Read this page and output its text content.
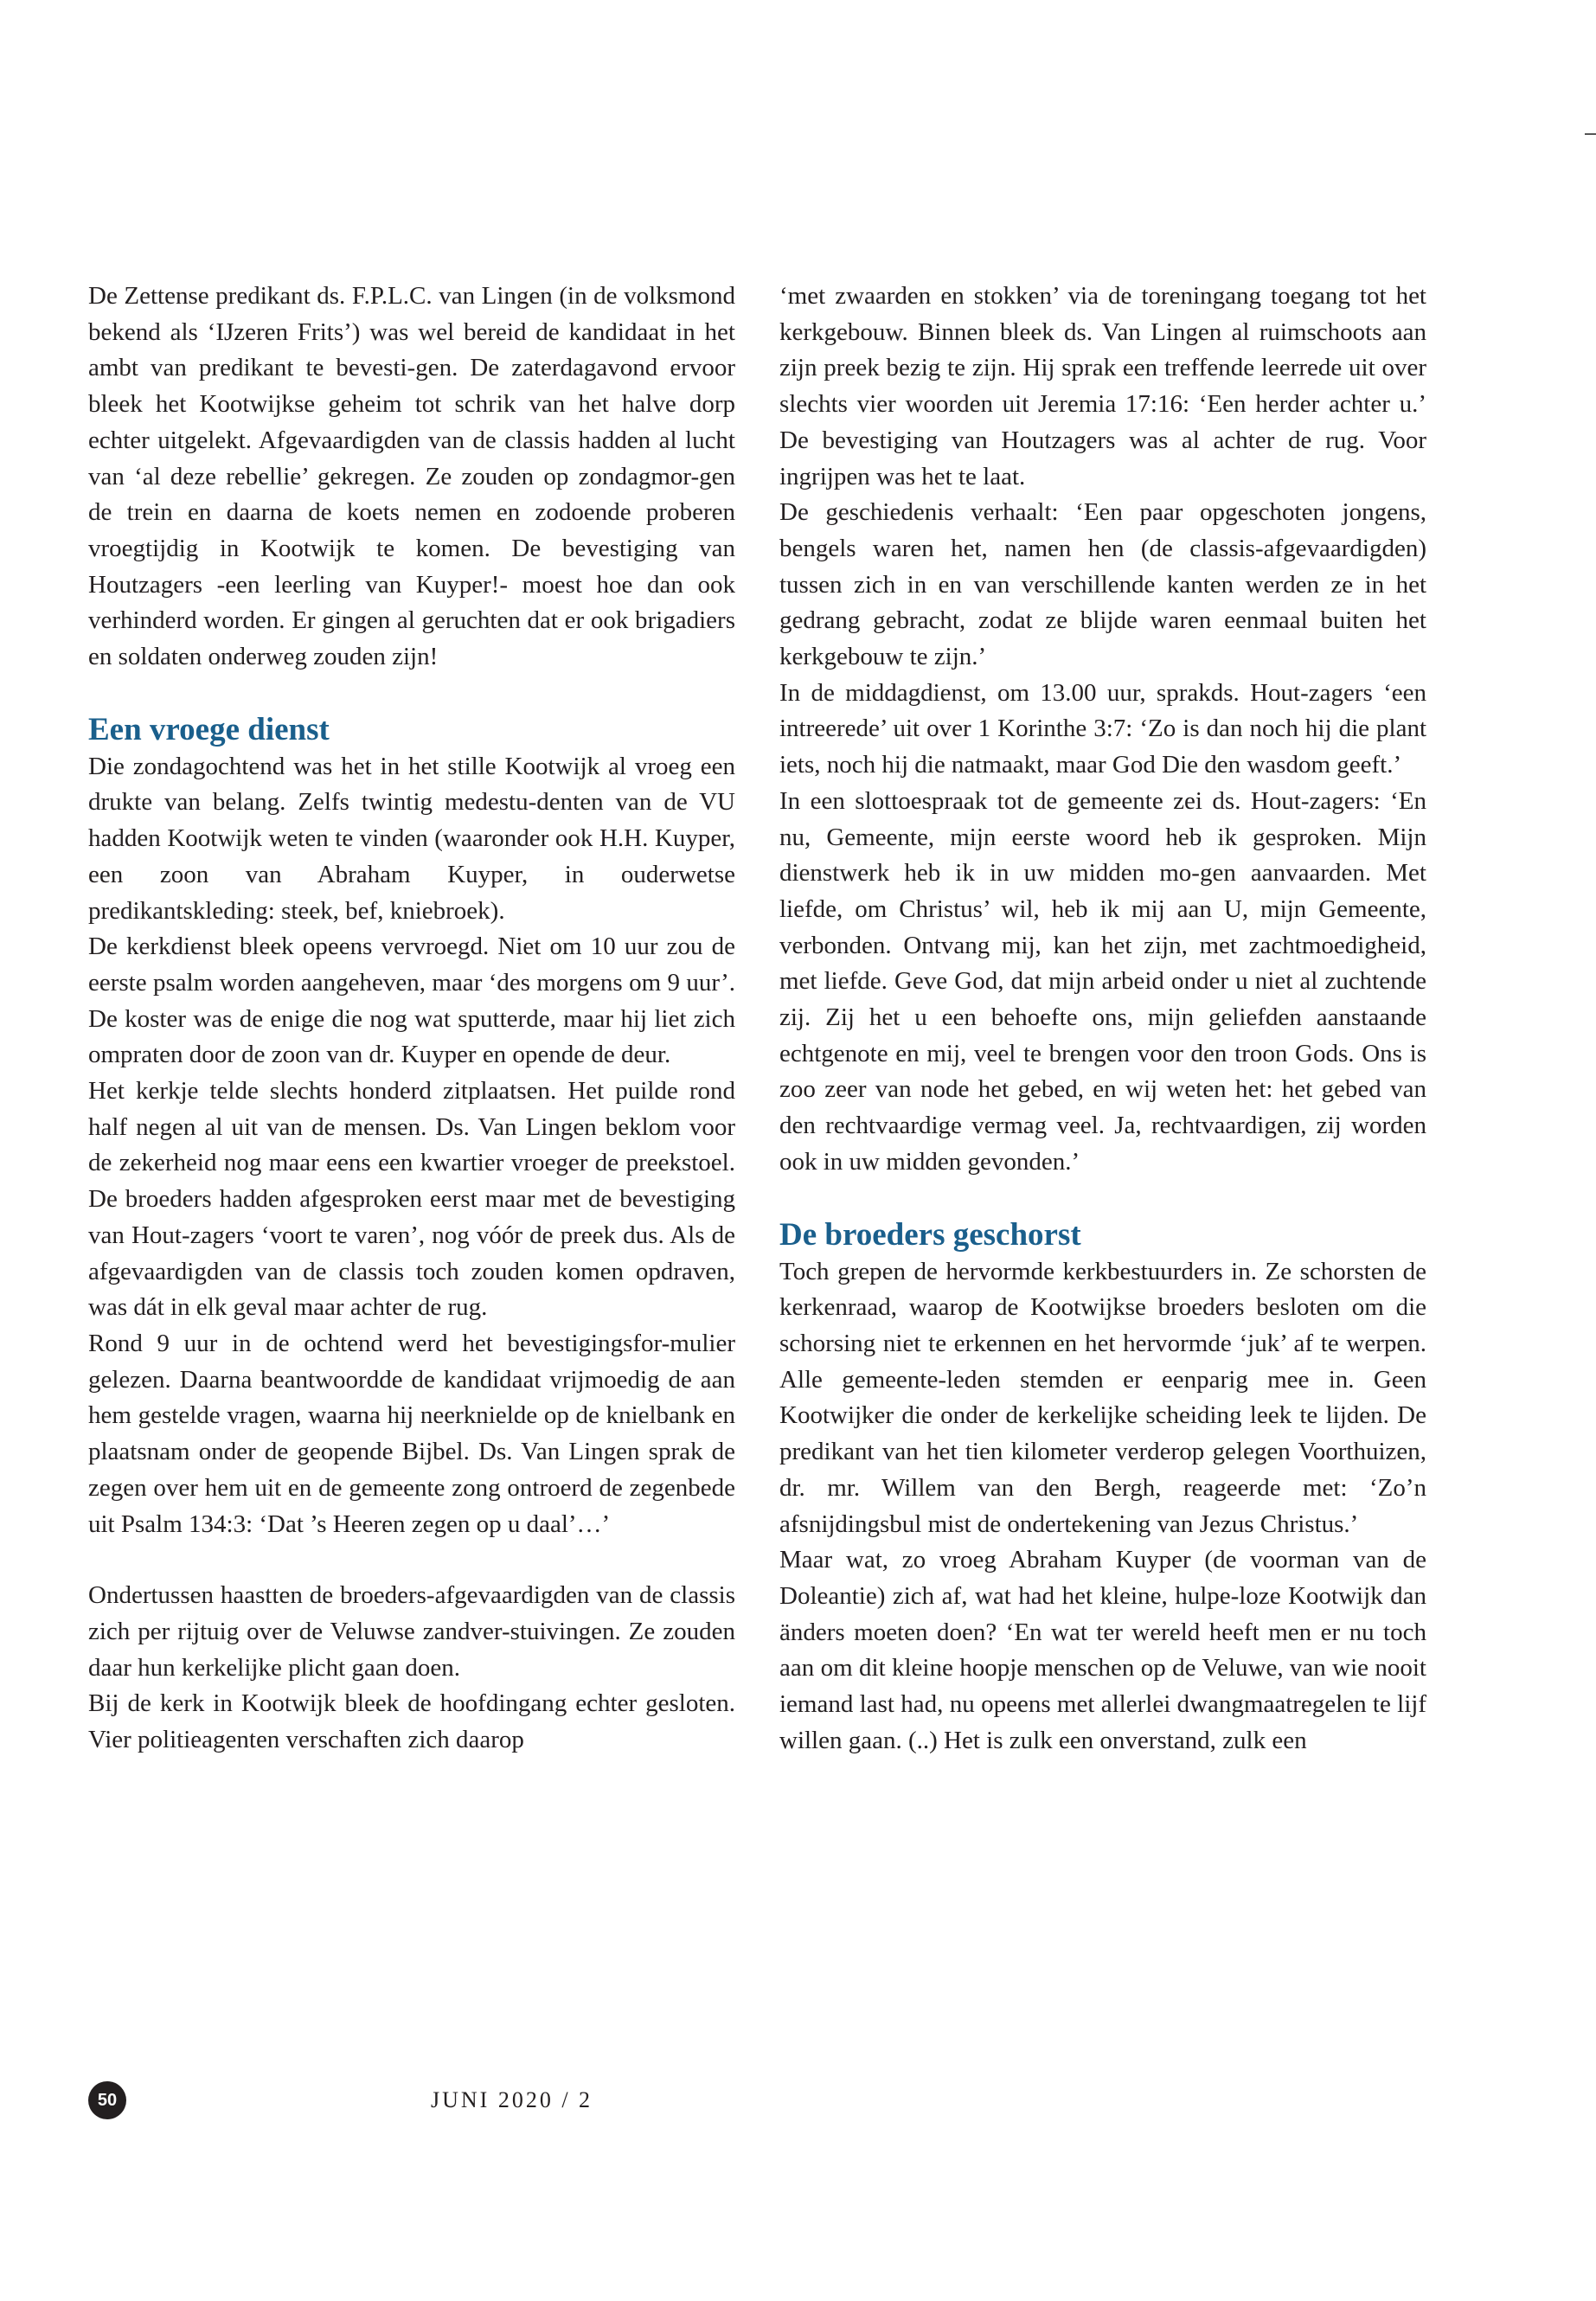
De Zettense predikant ds. F.P.L.C. van Lingen (in de volksmond bekend als ‘IJzeren Frits’) was wel bereid de kandidaat in het ambt van predikant te bevesti-gen. De zaterdagavond ervoor bleek het Kootwijkse geheim tot schrik van het halve dorp echter uitgelekt. Afgevaardigden van de classis hadden al lucht van ‘al deze rebellie’ gekregen. Ze zouden op zondagmor-gen de trein en daarna de koets nemen en zodoende proberen vroegtijdig in Kootwijk te komen. De bevestiging van Houtzagers -een leerling van Kuyper!- moest hoe dan ook verhinderd worden. Er gingen al geruchten dat er ook brigadiers en soldaten onderweg zouden zijn!

Een vroege dienst

Die zondagochtend was het in het stille Kootwijk al vroeg een drukte van belang. Zelfs twintig medestu-denten van de VU hadden Kootwijk weten te vinden (waaronder ook H.H. Kuyper, een zoon van Abraham Kuyper, in ouderwetse predikantskleding: steek, bef, kniebroek).

De kerkdienst bleek opeens vervroegd. Niet om 10 uur zou de eerste psalm worden aangeheven, maar ‘des morgens om 9 uur’. De koster was de enige die nog wat sputterde, maar hij liet zich ompraten door de zoon van dr. Kuyper en opende de deur.

Het kerkje telde slechts honderd zitplaatsen. Het puilde rond half negen al uit van de mensen. Ds. Van Lingen beklom voor de zekerheid nog maar eens een kwartier vroeger de preekstoel. De broeders hadden afgesproken eerst maar met de bevestiging van Hout-zagers ‘voort te varen’, nog vóór de preek dus. Als de afgevaardigden van de classis toch zouden komen opdraven, was dát in elk geval maar achter de rug.

Rond 9 uur in de ochtend werd het bevestigingsfor-mulier gelezen. Daarna beantwoordde de kandidaat vrijmoedig de aan hem gestelde vragen, waarna hij neerknielde op de knielbank en plaatsnam onder de geopende Bijbel. Ds. Van Lingen sprak de zegen over hem uit en de gemeente zong ontroerd de zegenbede uit Psalm 134:3: ‘Dat ’s Heeren zegen op u daal’…’

Ondertussen haastten de broeders-afgevaardigden van de classis zich per rijtuig over de Veluwse zandver-stuivingen. Ze zouden daar hun kerkelijke plicht gaan doen.

Bij de kerk in Kootwijk bleek de hoofdingang echter gesloten. Vier politieagenten verschaften zich daarop

‘met zwaarden en stokken’ via de toreningang toegang tot het kerkgebouw. Binnen bleek ds. Van Lingen al ruimschoots aan zijn preek bezig te zijn. Hij sprak een treffende leerrede uit over slechts vier woorden uit Jeremia 17:16: ‘Een herder achter u.’ De bevestiging van Houtzagers was al achter de rug. Voor ingrijpen was het te laat.

De geschiedenis verhaalt: ‘Een paar opgeschoten jongens, bengels waren het, namen hen (de classis-afgevaardigden) tussen zich in en van verschillende kanten werden ze in het gedrang gebracht, zodat ze blijde waren eenmaal buiten het kerkgebouw te zijn.’

In de middagdienst, om 13.00 uur, sprakds. Hout-zagers ‘een intreerede’ uit over 1 Korinthe 3:7: ‘Zo is dan noch hij die plant iets, noch hij die natmaakt, maar God Die den wasdom geeft.’

In een slottoespraak tot de gemeente zei ds. Hout-zagers: ‘En nu, Gemeente, mijn eerste woord heb ik gesproken. Mijn dienstwerk heb ik in uw midden mo-gen aanvaarden. Met liefde, om Christus’ wil, heb ik mij aan U, mijn Gemeente, verbonden. Ontvang mij, kan het zijn, met zachtmoedigheid, met liefde. Geve God, dat mijn arbeid onder u niet al zuchtende zij. Zij het u een behoefte ons, mijn geliefden aanstaande echtgenote en mij, veel te brengen voor den troon Gods. Ons is zoo zeer van node het gebed, en wij weten het: het gebed van den rechtvaardige vermag veel. Ja, rechtvaardigen, zij worden ook in uw midden gevonden.’

De broeders geschorst

Toch grepen de hervormde kerkbestuurders in. Ze schorsten de kerkenraad, waarop de Kootwijkse broeders besloten om die schorsing niet te erkennen en het hervormde ‘juk’ af te werpen. Alle gemeente-leden stemden er eenparig mee in. Geen Kootwijker die onder de kerkelijke scheiding leek te lijden. De predikant van het tien kilometer verderop gelegen Voorthuizen, dr. mr. Willem van den Bergh, reageerde met: ‘Zo’n afsnijdingsbul mist de ondertekening van Jezus Christus.’

Maar wat, zo vroeg Abraham Kuyper (de voorman van de Doleantie) zich af, wat had het kleine, hulpe-loze Kootwijk dan änders moeten doen? ‘En wat ter wereld heeft men er nu toch aan om dit kleine hoopje menschen op de Veluwe, van wie nooit iemand last had, nu opeens met allerlei dwangmaatregelen te lijf willen gaan. (..) Het is zulk een onverstand, zulk een

50	JUNI 2020 / 2
